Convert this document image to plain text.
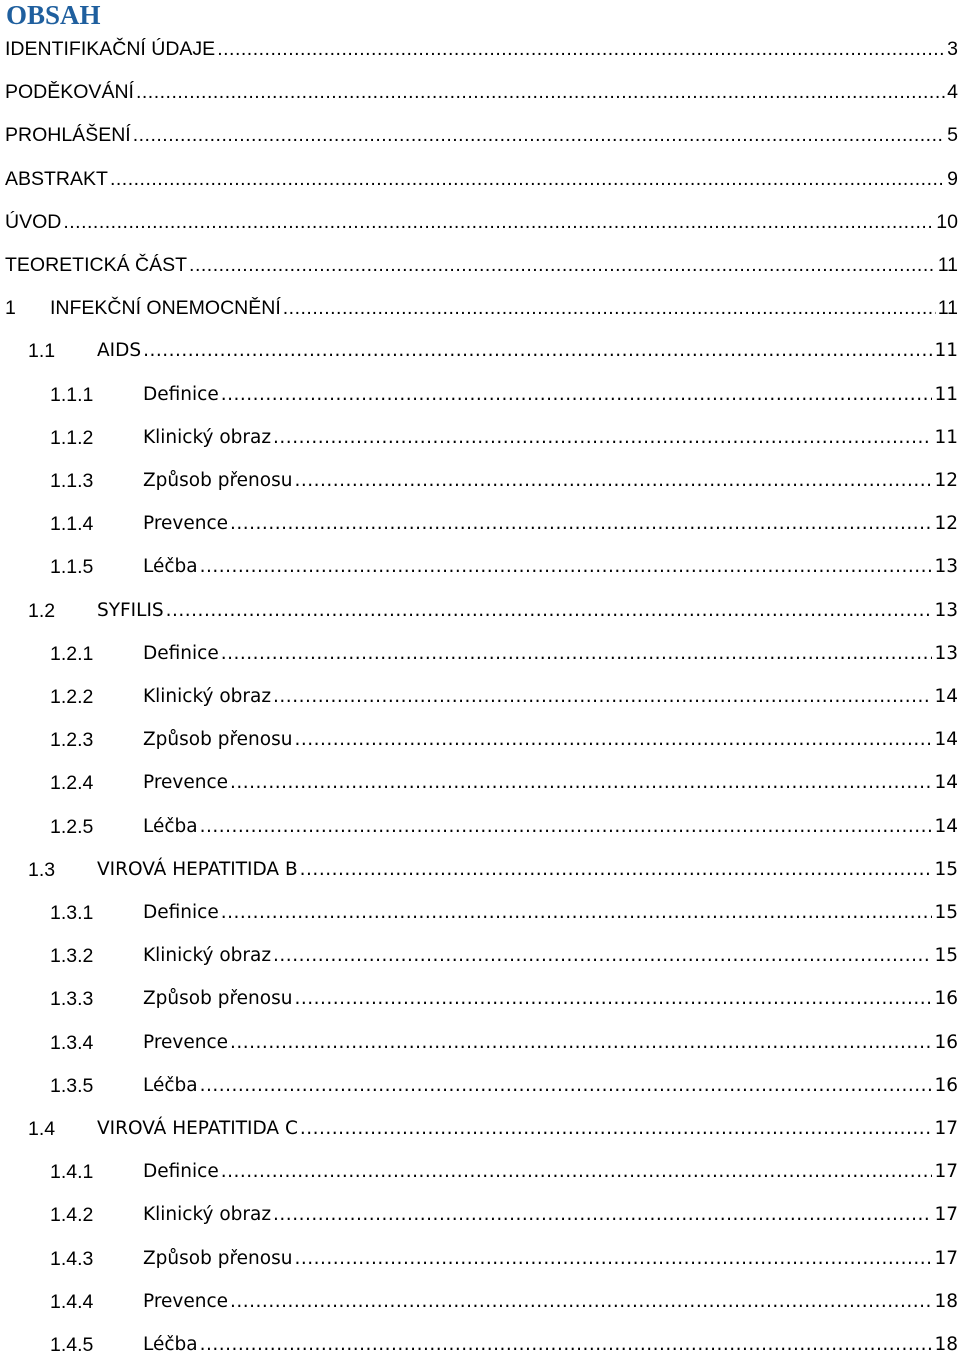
OBSAH
IDENTIFIKAČNÍ ÚDAJE .....	3
PODĚKOVÁNÍ .....	4
PROHLÁŠENÍ .....	5
ABSTRAKT .....	9
ÚVOD .....	10
TEORETICKÁ ČÁST .....	11
1 INFEKČNÍ ONEMOCNĚNÍ .....	11
1.1 AIDS .....	11
1.1.1	Definice .....	11
1.1.2	Klinický obraz .....	11
1.1.3	Způsob přenosu .....	12
1.1.4	Prevence .....	12
1.1.5	Léčba .....	13
1.2 SYFILIS .....	13
1.2.1	Definice .....	13
1.2.2	Klinický obraz .....	14
1.2.3	Způsob přenosu .....	14
1.2.4	Prevence .....	14
1.2.5	Léčba .....	14
1.3 VIROVÁ HEPATITIDA B .....	15
1.3.1	Definice .....	15
1.3.2	Klinický obraz .....	15
1.3.3	Způsob přenosu .....	16
1.3.4	Prevence .....	16
1.3.5	Léčba .....	16
1.4 VIROVÁ HEPATITIDA C .....	17
1.4.1	Definice .....	17
1.4.2	Klinický obraz .....	17
1.4.3	Způsob přenosu .....	17
1.4.4	Prevence .....	18
1.4.5	Léčba .....	18
